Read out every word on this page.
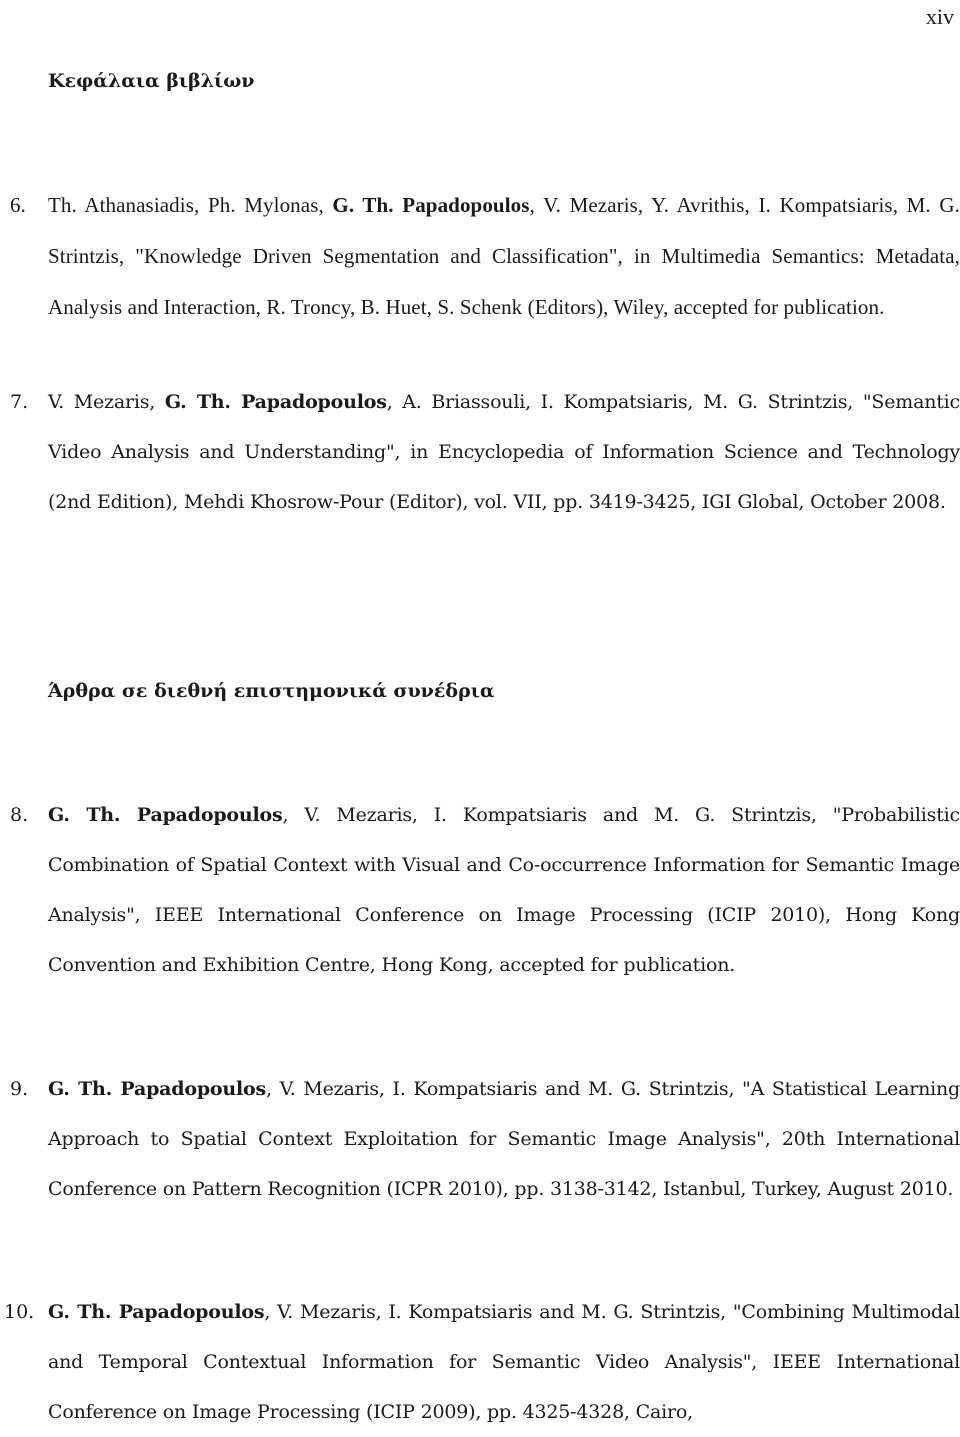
xiv
Κεφάλαια βιβλίων
6.	Th. Athanasiadis, Ph. Mylonas, G. Th. Papadopoulos, V. Mezaris, Y. Avrithis, I. Kompatsiaris, M. G. Strintzis, "Knowledge Driven Segmentation and Classification", in Multimedia Semantics: Metadata, Analysis and Interaction, R. Troncy, B. Huet, S. Schenk (Editors), Wiley, accepted for publication.
7.	V. Mezaris, G. Th. Papadopoulos, A. Briassouli, I. Kompatsiaris, M. G. Strintzis, "Semantic Video Analysis and Understanding", in Encyclopedia of Information Science and Technology (2nd Edition), Mehdi Khosrow-Pour (Editor), vol. VII, pp. 3419-3425, IGI Global, October 2008.
Άρθρα σε διεθνή επιστημονικά συνέδρια
8.	G. Th. Papadopoulos, V. Mezaris, I. Kompatsiaris and M. G. Strintzis, "Probabilistic Combination of Spatial Context with Visual and Co-occurrence Information for Semantic Image Analysis", IEEE International Conference on Image Processing (ICIP 2010), Hong Kong Convention and Exhibition Centre, Hong Kong, accepted for publication.
9.	G. Th. Papadopoulos, V. Mezaris, I. Kompatsiaris and M. G. Strintzis, "A Statistical Learning Approach to Spatial Context Exploitation for Semantic Image Analysis", 20th International Conference on Pattern Recognition (ICPR 2010), pp. 3138-3142, Istanbul, Turkey, August 2010.
10. G. Th. Papadopoulos, V. Mezaris, I. Kompatsiaris and M. G. Strintzis, "Combining Multimodal and Temporal Contextual Information for Semantic Video Analysis", IEEE International Conference on Image Processing (ICIP 2009), pp. 4325-4328, Cairo,
